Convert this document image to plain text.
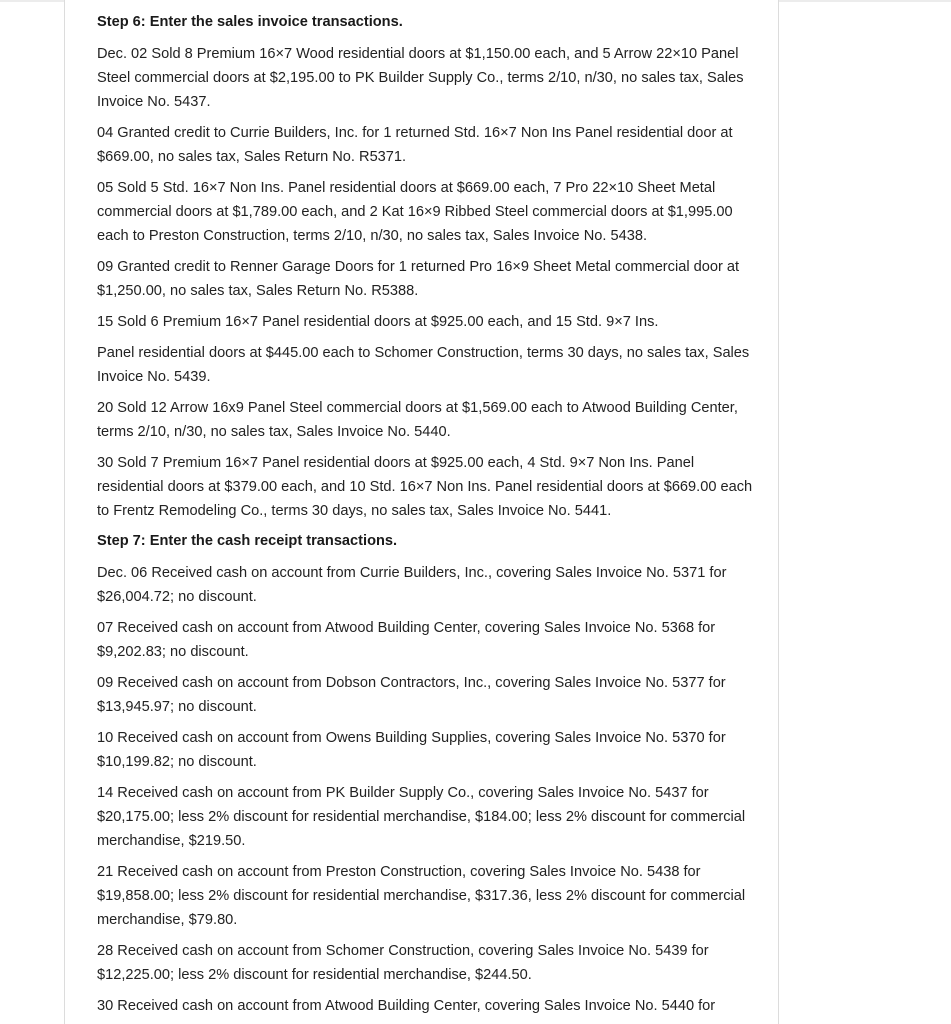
Step 6: Enter the sales invoice transactions.

Dec. 02 Sold 8 Premium 16×7 Wood residential doors at $1,150.00 each, and 5 Arrow 22×10 Panel Steel commercial doors at $2,195.00 to PK Builder Supply Co., terms 2/10, n/30, no sales tax, Sales Invoice No. 5437.

04 Granted credit to Currie Builders, Inc. for 1 returned Std. 16×7 Non Ins Panel residential door at $669.00, no sales tax, Sales Return No. R5371.

05 Sold 5 Std. 16×7 Non Ins. Panel residential doors at $669.00 each, 7 Pro 22×10 Sheet Metal commercial doors at $1,789.00 each, and 2 Kat 16×9 Ribbed Steel commercial doors at $1,995.00 each to Preston Construction, terms 2/10, n/30, no sales tax, Sales Invoice No. 5438.

09 Granted credit to Renner Garage Doors for 1 returned Pro 16×9 Sheet Metal commercial door at $1,250.00, no sales tax, Sales Return No. R5388.

15 Sold 6 Premium 16×7 Panel residential doors at $925.00 each, and 15 Std. 9×7 Ins.

Panel residential doors at $445.00 each to Schomer Construction, terms 30 days, no sales tax, Sales Invoice No. 5439.

20 Sold 12 Arrow 16x9 Panel Steel commercial doors at $1,569.00 each to Atwood Building Center, terms 2/10, n/30, no sales tax, Sales Invoice No. 5440.

30 Sold 7 Premium 16×7 Panel residential doors at $925.00 each, 4 Std. 9×7 Non Ins. Panel residential doors at $379.00 each, and 10 Std. 16×7 Non Ins. Panel residential doors at $669.00 each to Frentz Remodeling Co., terms 30 days, no sales tax, Sales Invoice No. 5441.

Step 7: Enter the cash receipt transactions.

Dec. 06 Received cash on account from Currie Builders, Inc., covering Sales Invoice No. 5371 for $26,004.72; no discount.

07 Received cash on account from Atwood Building Center, covering Sales Invoice No. 5368 for $9,202.83; no discount.

09 Received cash on account from Dobson Contractors, Inc., covering Sales Invoice No. 5377 for $13,945.97; no discount.

10 Received cash on account from Owens Building Supplies, covering Sales Invoice No. 5370 for $10,199.82; no discount.

14 Received cash on account from PK Builder Supply Co., covering Sales Invoice No. 5437 for $20,175.00; less 2% discount for residential merchandise, $184.00; less 2% discount for commercial merchandise, $219.50.

21 Received cash on account from Preston Construction, covering Sales Invoice No. 5438 for $19,858.00; less 2% discount for residential merchandise, $317.36, less 2% discount for commercial merchandise, $79.80.

28 Received cash on account from Schomer Construction, covering Sales Invoice No. 5439 for $12,225.00; less 2% discount for residential merchandise, $244.50.

30 Received cash on account from Atwood Building Center, covering Sales Invoice No. 5440 for
